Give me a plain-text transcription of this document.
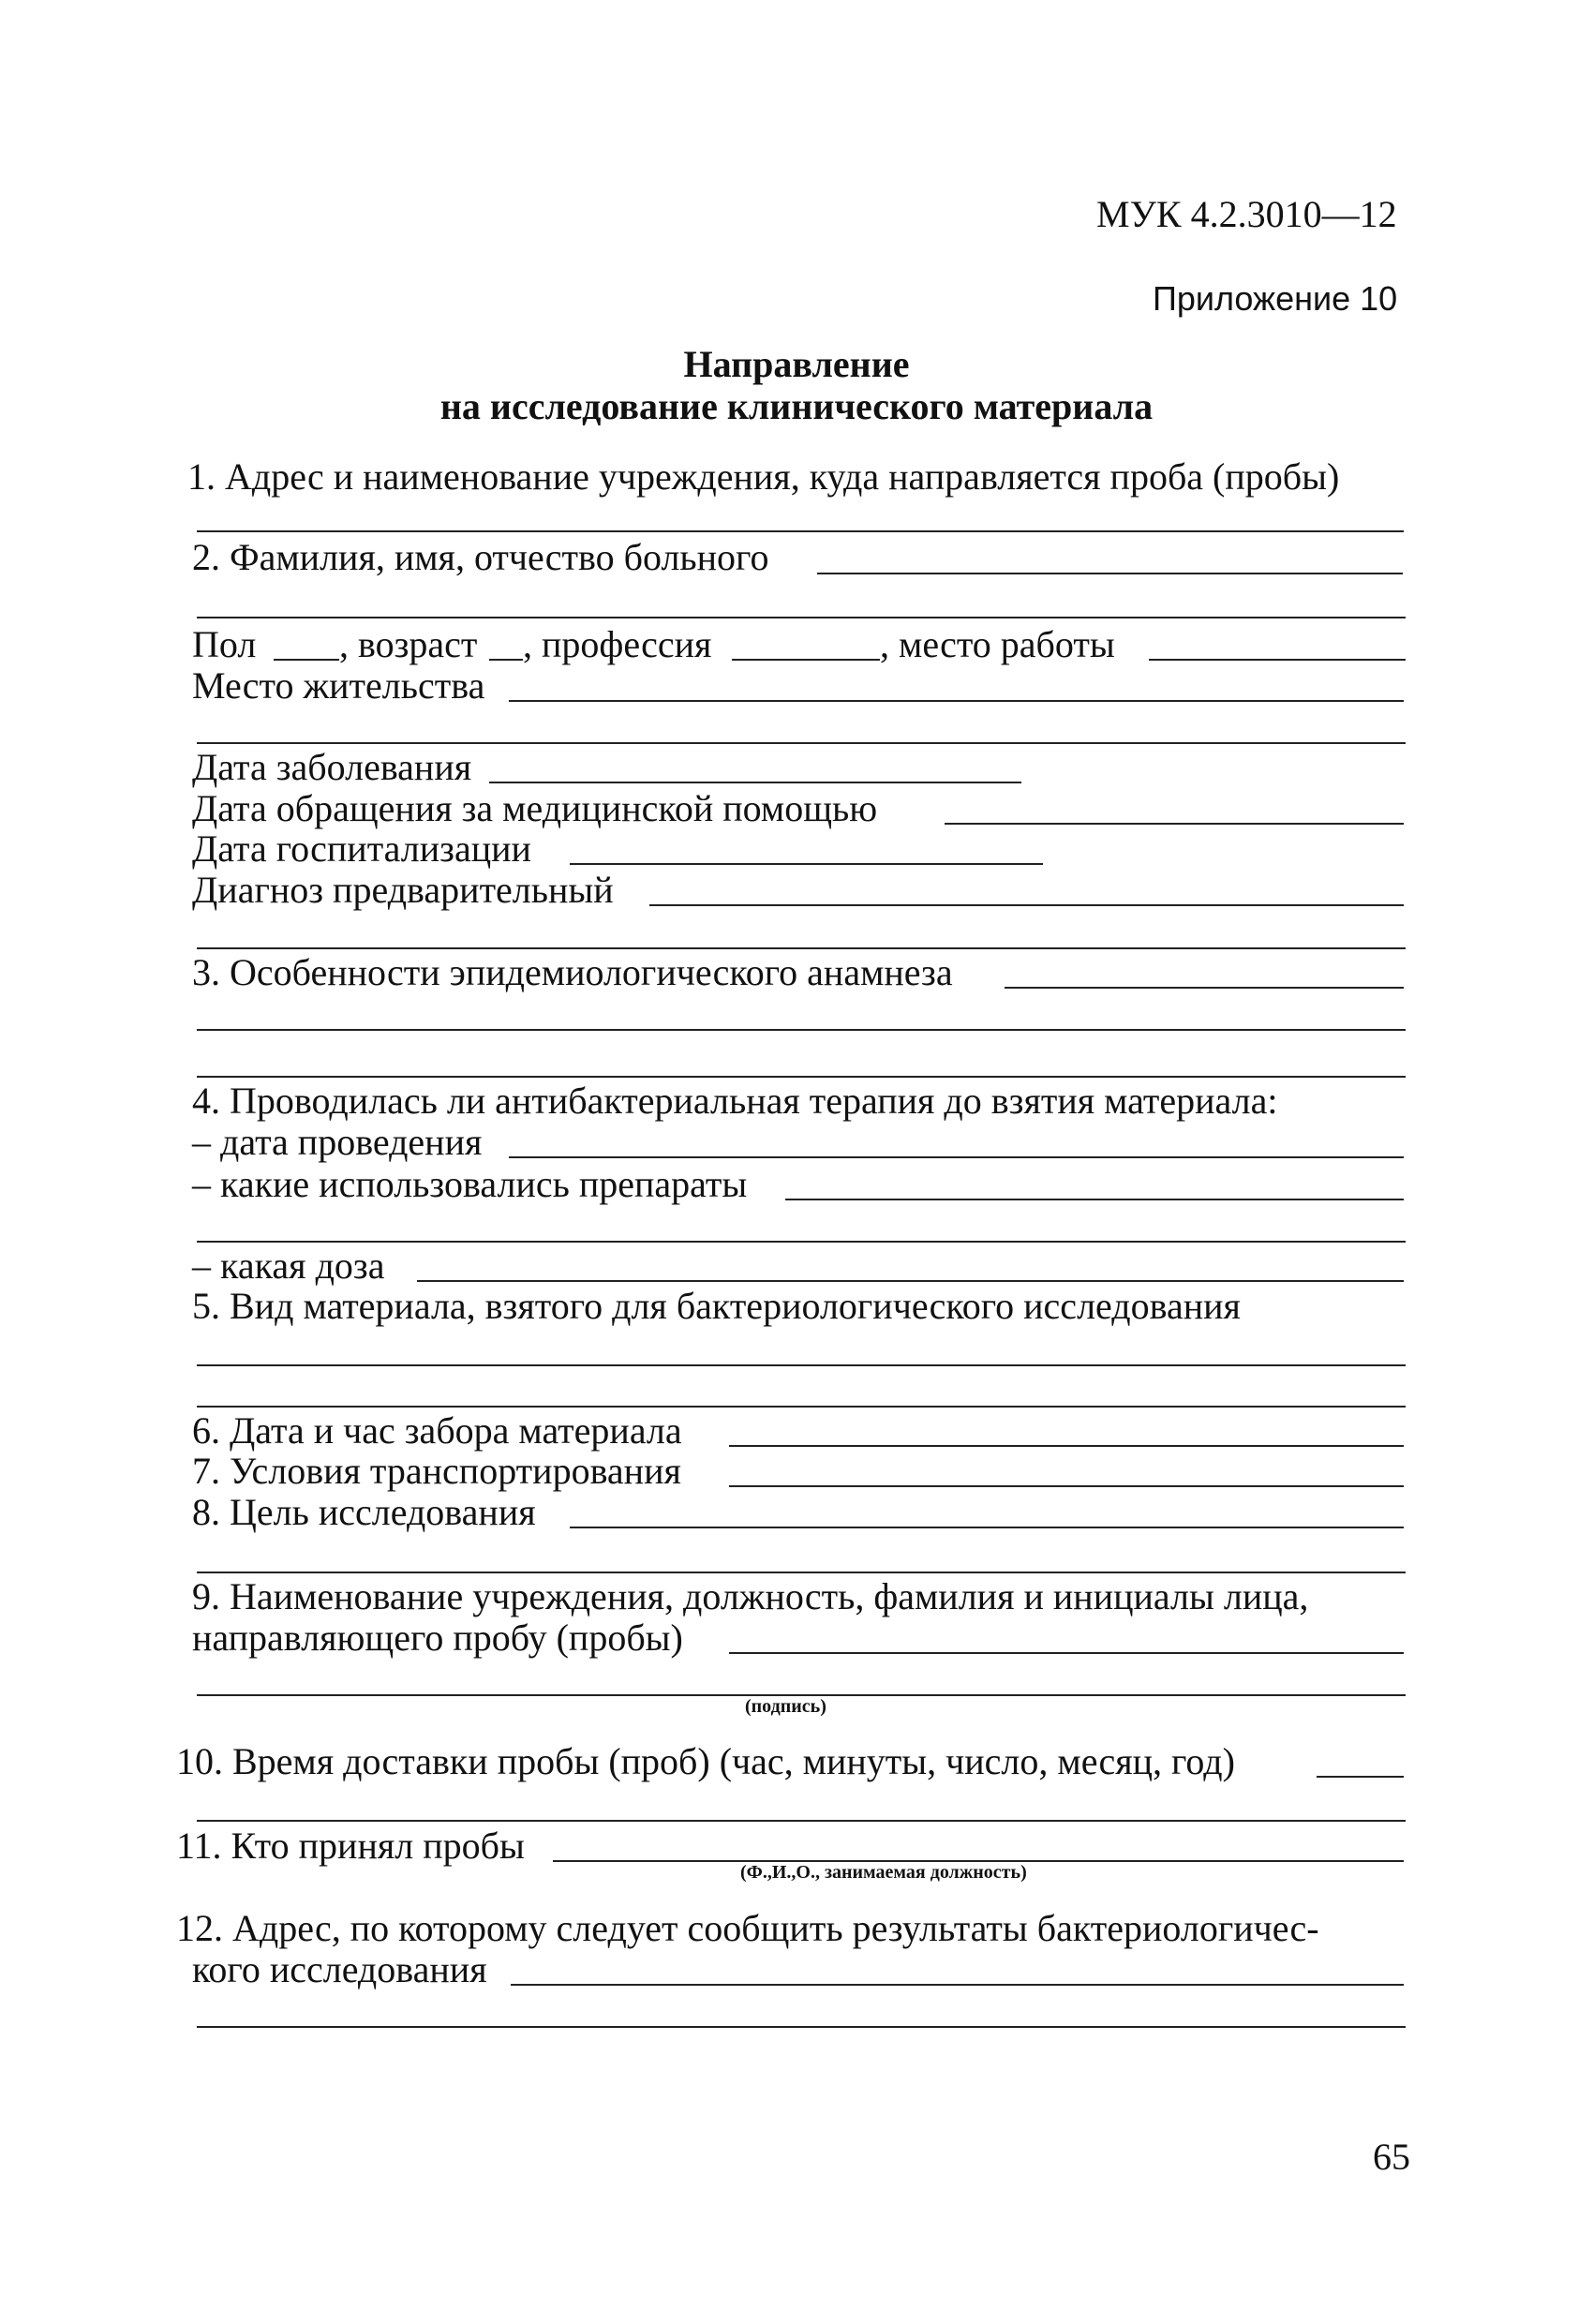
МУК 4.2.3010—12
Приложение 10
Направление
на исследование клинического материала
1. Адрес и наименование учреждения, куда направляется проба (пробы)
2. Фамилия, имя, отчество больного
Пол , возраст , профессия	, место работы
Место жительства
Дата заболевания
Дата обращения за медицинской помощью
Дата госпитализации
Диагноз предварительный
3. Особенности эпидемиологического анамнеза
4. Проводилась ли антибактериальная терапия до взятия материала:
– дата проведения
– какие использовались препараты
– какая доза
5. Вид материала, взятого для бактериологического исследования
6. Дата и час забора материала
7. Условия транспортирования
8. Цель исследования
9. Наименование учреждения, должность, фамилия и инициалы лица,
направляющего пробу (пробы)
(подпись)
10. Время доставки пробы (проб) (час, минуты, число, месяц, год)
11. Кто принял пробы
(Ф.,И.,О., занимаемая должность)
12. Адрес, по которому следует сообщить результаты бактериологичес-
кого исследования
65
